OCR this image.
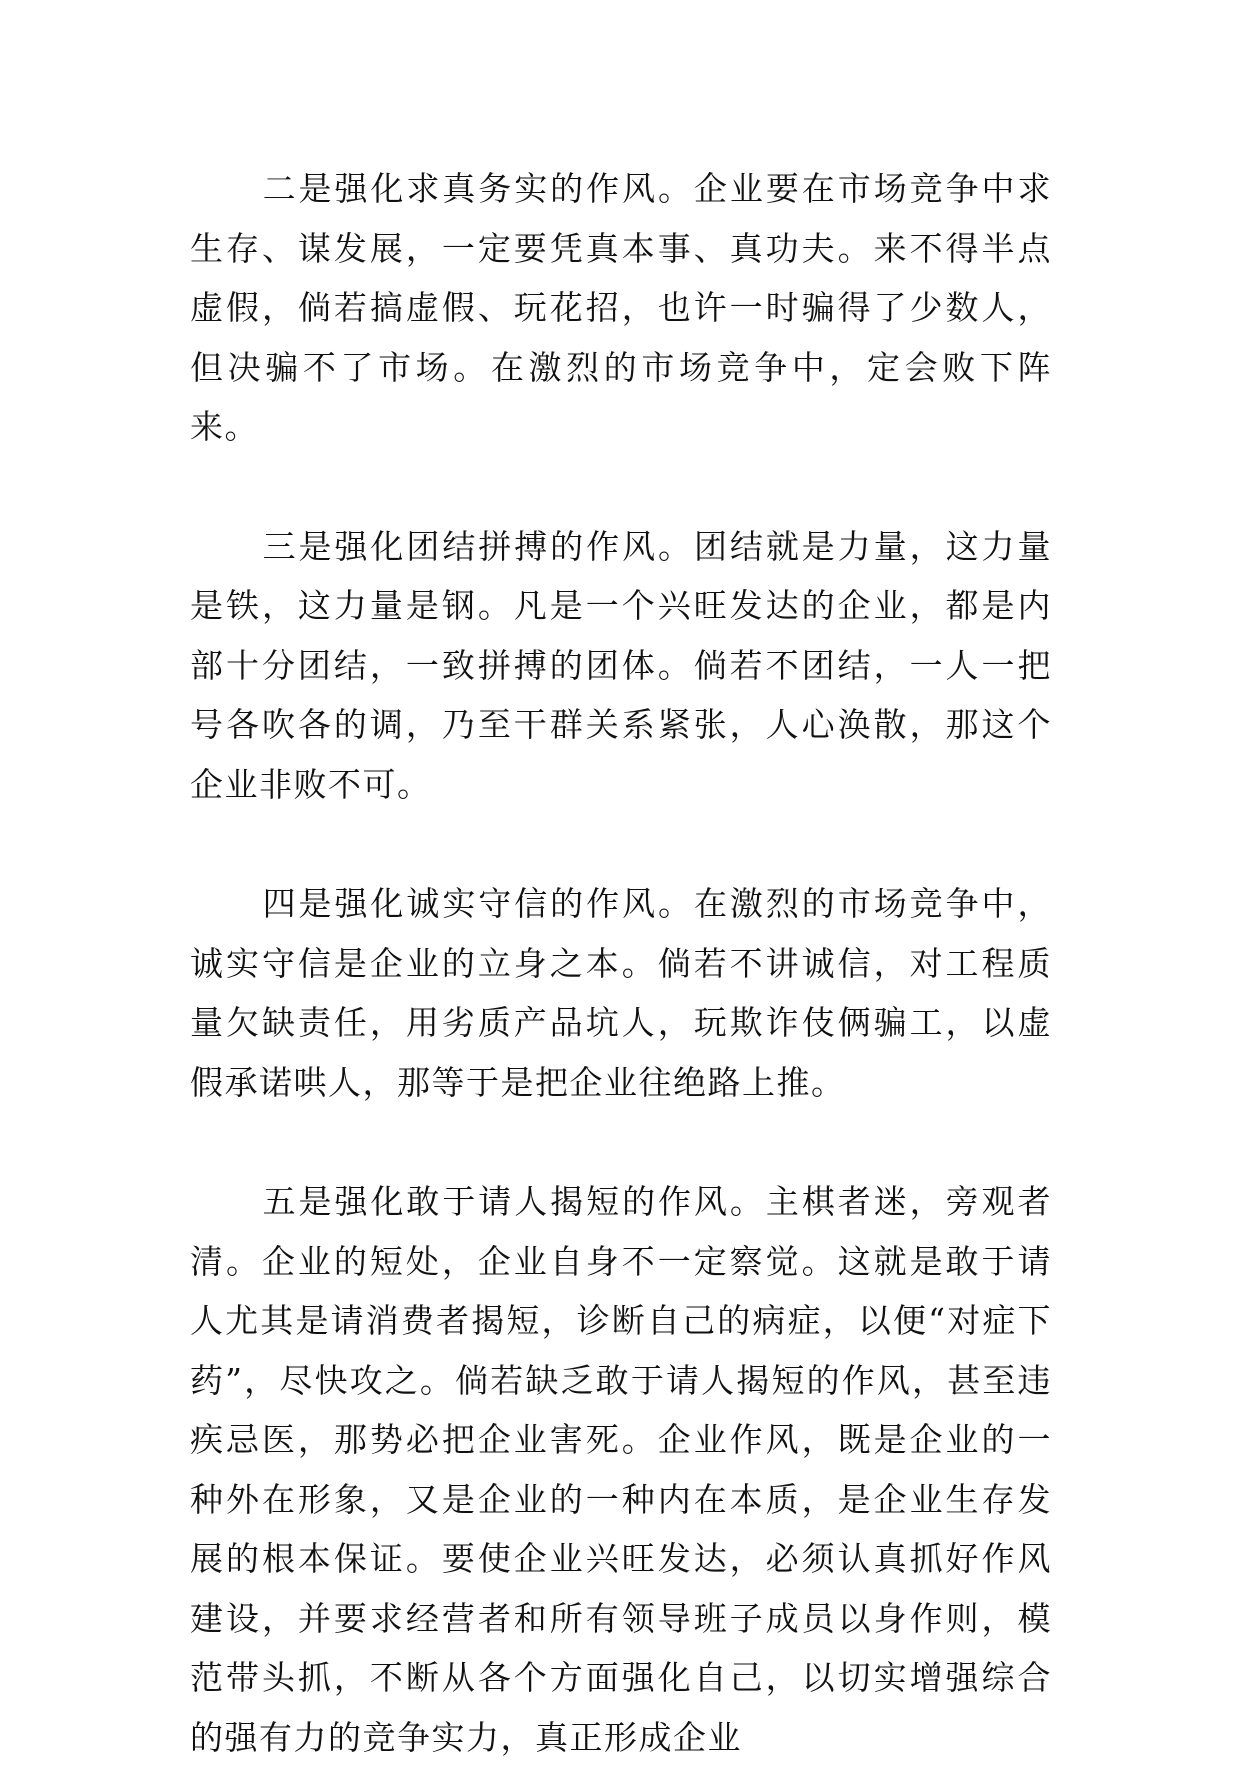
二是强化求真务实的作风。企业要在市场竞争中求生存、谋发展，一定要凭真本事、真功夫。来不得半点虚假，倘若搞虚假、玩花招，也许一时骗得了少数人，但决骗不了市场。在激烈的市场竞争中，定会败下阵来。

三是强化团结拼搏的作风。团结就是力量，这力量是铁，这力量是钢。凡是一个兴旺发达的企业，都是内部十分团结，一致拼搏的团体。倘若不团结，一人一把号各吹各的调，乃至干群关系紧张，人心涣散，那这个企业非败不可。

四是强化诚实守信的作风。在激烈的市场竞争中，诚实守信是企业的立身之本。倘若不讲诚信，对工程质量欠缺责任，用劣质产品坑人，玩欺诈伎俩骗工，以虚假承诺哄人，那等于是把企业往绝路上推。

五是强化敢于请人揭短的作风。主棋者迷，旁观者清。企业的短处，企业自身不一定察觉。这就是敢于请人尤其是请消费者揭短，诊断自己的病症，以便“对症下药”，尽快攻之。倘若缺乏敢于请人揭短的作风，甚至违疾忌医，那势必把企业害死。企业作风，既是企业的一种外在形象，又是企业的一种内在本质，是企业生存发展的根本保证。要使企业兴旺发达，必须认真抓好作风建设，并要求经营者和所有领导班子成员以身作则，模范带头抓，不断从各个方面强化自己，以切实增强综合的强有力的竞争实力，真正形成企业
